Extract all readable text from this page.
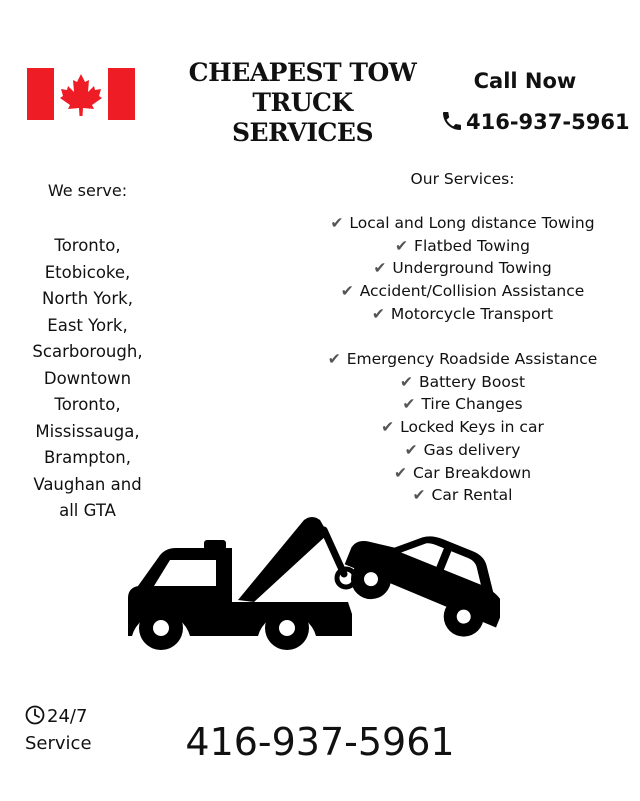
CHEAPEST TOW
TRUCK
SERVICES
Call Now
416-937-5961
We serve:
Toronto,
Etobicoke,
North York,
East York,
Scarborough,
Downtown
Toronto,
Mississauga,
Brampton,
Vaughan and
all GTA
Our Services:
✔ Local and Long distance Towing
✔ Flatbed Towing
✔ Underground Towing
✔ Accident/Collision Assistance
✔ Motorcycle Transport
✔ Emergency Roadside Assistance
✔ Battery Boost
✔ Tire Changes
✔ Locked Keys in car
✔ Gas delivery
✔ Car Breakdown
✔ Car Rental
24/7
Service	416-937-5961
